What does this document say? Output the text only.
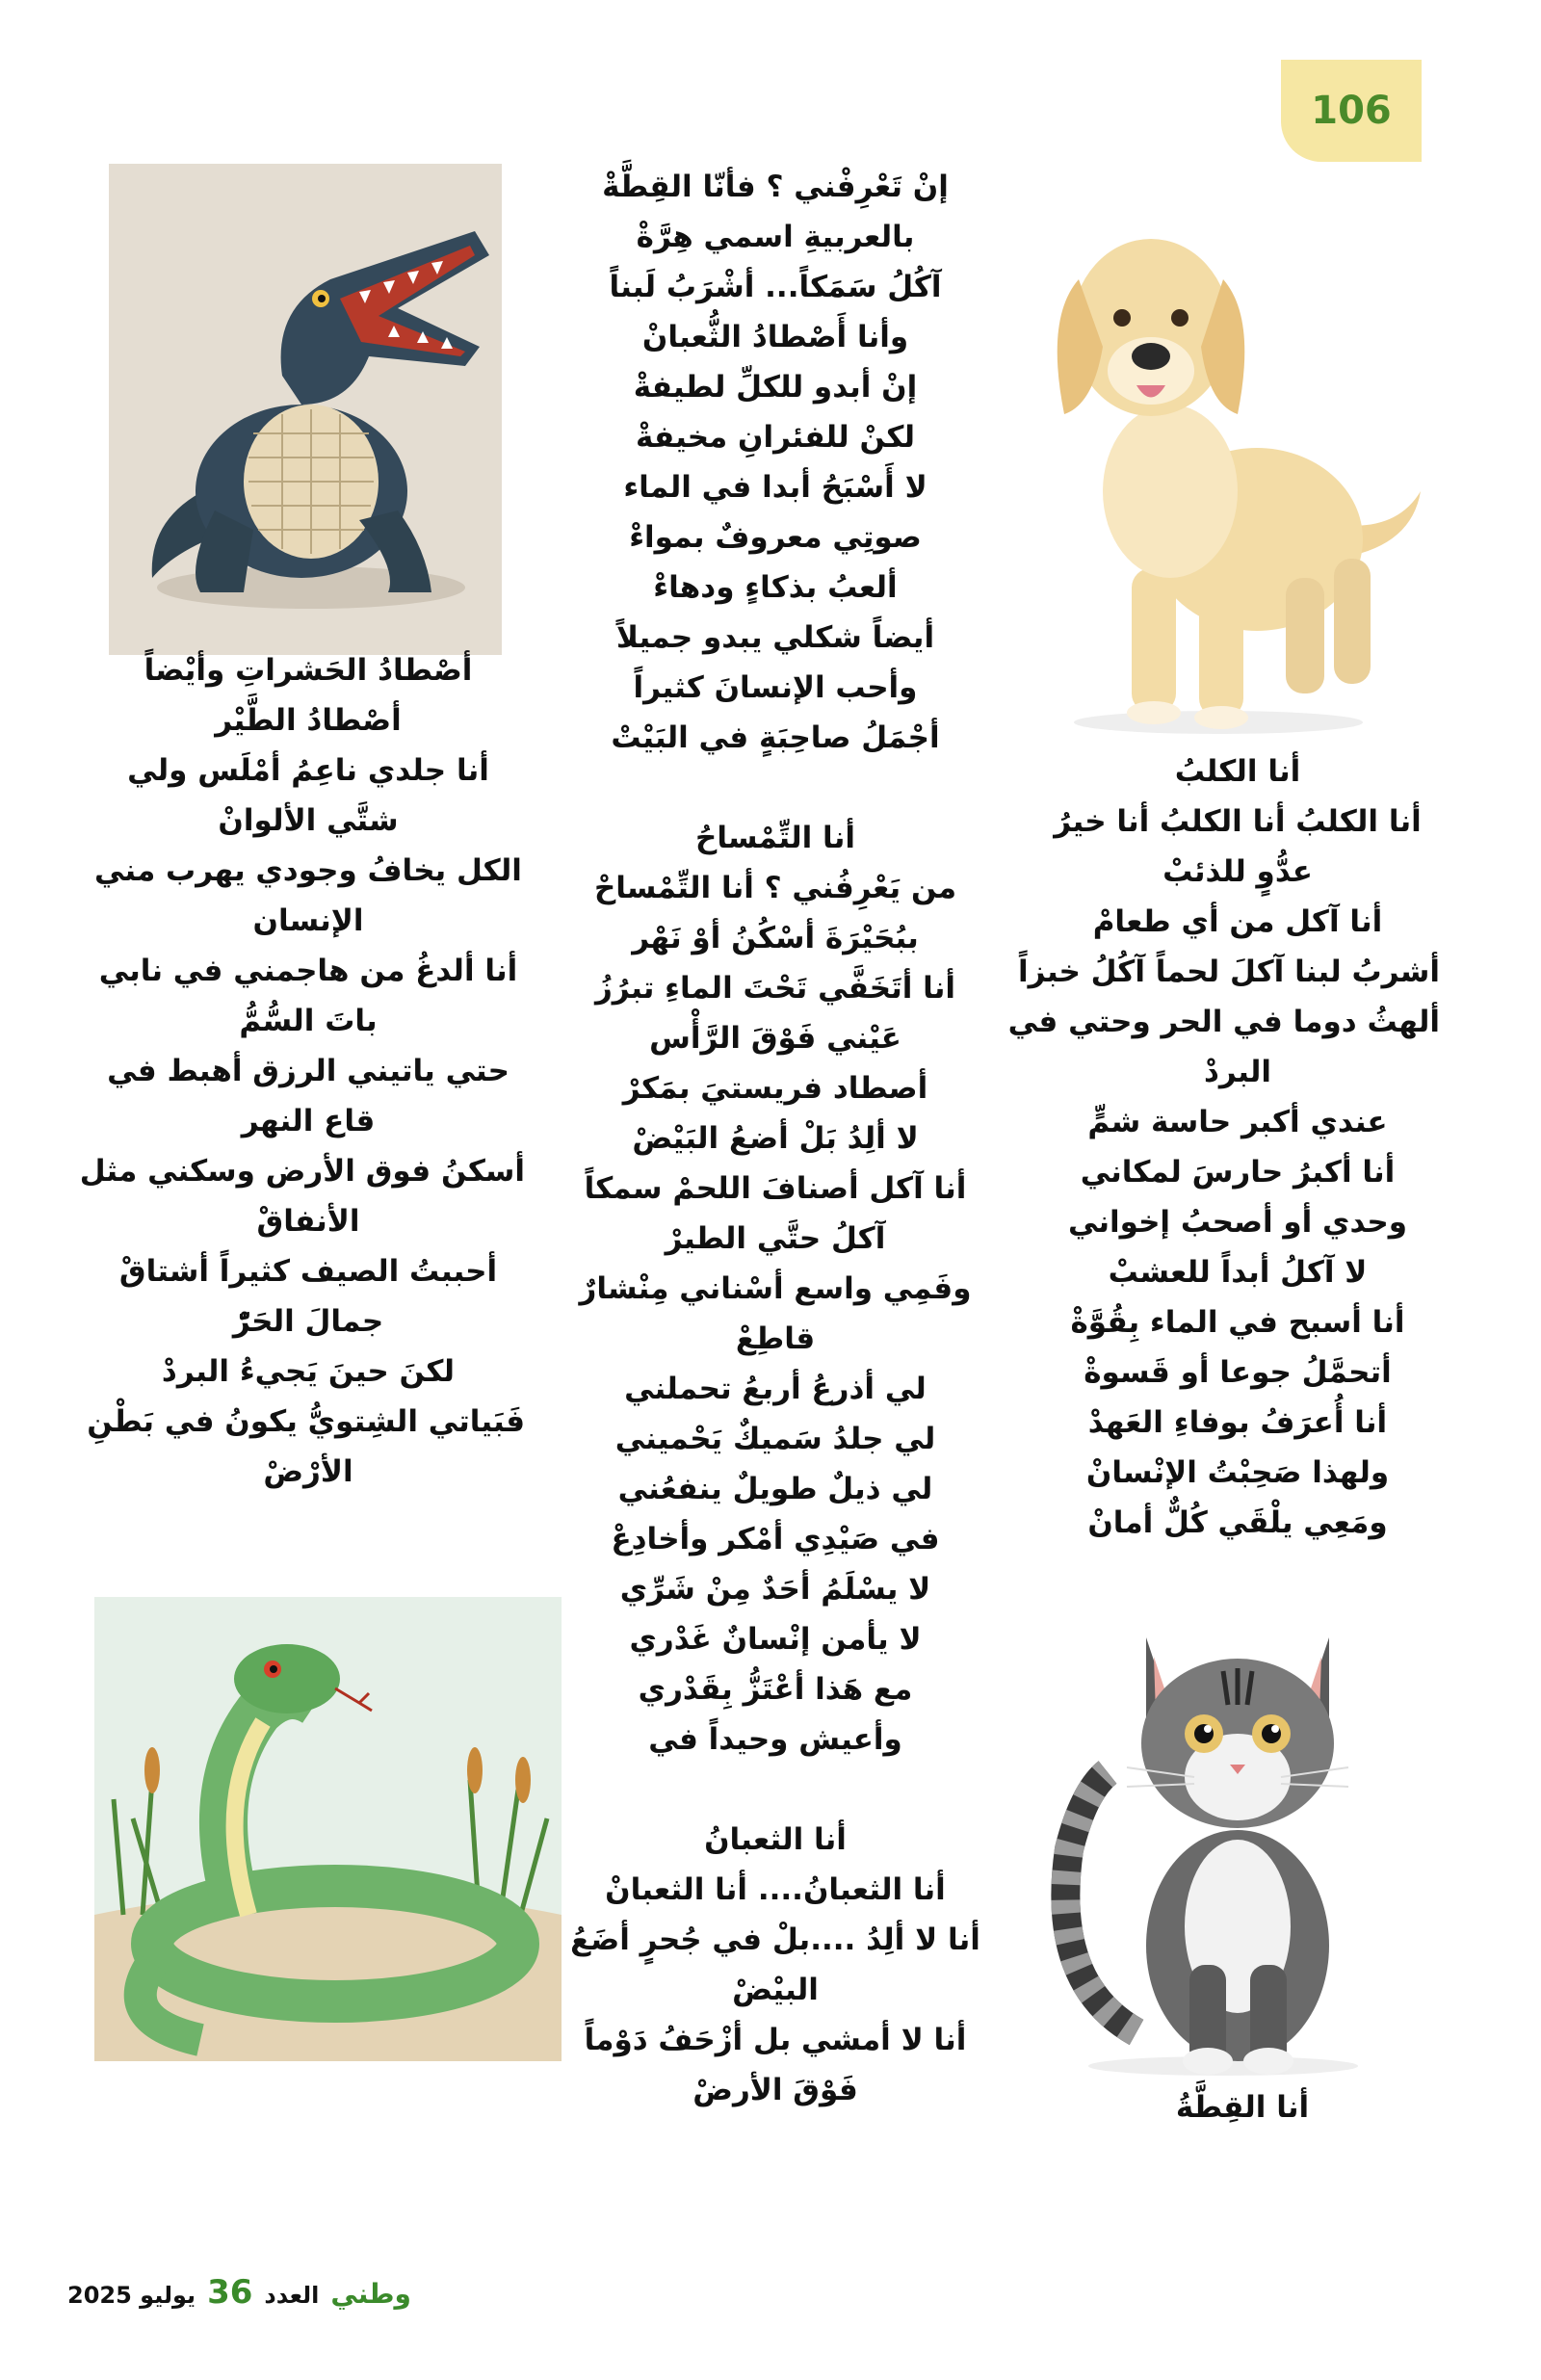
106
أنا الكلبُ
أنا الكلبُ أنا الكلبُ أنا خيرُ
عدُّوٍ للذئبْ
أنا آكل من أي طعامْ
أشربُ لبنا آكلَ لحماً آكُلُ خبزاً
ألهثُ دوما في الحر وحتي في
البردْ
عندي أكبر حاسة شمٍّ
أنا أكبرُ حارسَ لمكاني
وحدي أو أصحبُ إخواني
لا آكلُ أبداً للعشبْ
أنا أسبح في الماء بِقُوَّةْ
أتحمَّلُ جوعا أو قَسوةْ
أنا أُعرَفُ بوفاءِ العَهدْ
ولهذا صَحِبْتُ الإنْسانْ
ومَعِي يلْقَي كُلٌّ أمانْ
أنا القِطَّةُ
إنْ تَعْرِفْني ؟ فأنّا القِطَّةْ
بالعربيةِ اسمي هِرَّةْ
آكُلُ سَمَكاً... أشْرَبُ لَبناً
وأنا أَصْطادُ الثُّعبانْ
إنْ أبدو للكلِّ لطيفةْ
لكنْ للفئرانِ مخيفةْ
لا أَسْبَحُ أبدا في الماء
صوتِي معروفٌ بمواءْ
ألعبُ بذكاءٍ ودهاءْ
أيضاً شكلي يبدو جميلاً
وأحب الإنسانَ كثيراً
أجْمَلُ صاحِبَةٍ في البَيْتْ
أنا التِّمْساحُ
من يَعْرِفُني ؟ أنا التِّمْساحْ
ببُحَيْرَةَ أسْكُنُ أوْ نَهْر
أنا أتَخَفَّي تَحْتَ الماءِ تبرُزُ
عَيْني فَوْقَ الرَّأْس
أصطاد فريستيَ بمَكرْ
لا ألِدُ بَلْ أضعُ البَيْضْ
أنا آكل أصنافَ اللحمْ سمكاً
آكلُ حتَّي الطيرْ
وفَمِي واسع أسْناني مِنْشارٌ
قاطِعْ
لي أذرعُ أربعُ تحملني
لي جلدُ سَميكٌ يَحْميني
لي ذيلٌ طويلٌ ينفعُني
في صَيْدِي أمْكر وأخادِعْ
لا يسْلَمُ أحَدٌ مِنْ شَرِّي
لا يأمن إنْسانٌ غَدْري
مع هَذا أعْتَزُّ بِقَدْري
وأعيش وحيداً في
أنا الثعبانُ
أنا الثعبانُ.... أنا الثعبانْ
أنا لا ألِدُ ....بلْ في جُحرٍ أضَعُ
البيْضْ
أنا لا أمشي بل أزْحَفُ دَوْماً
فَوْقَ الأرضْ
أصْطادُ الحَشراتِ وأيْضاً
أصْطادُ الطَّيْر
أنا جلدي ناعِمُ أمْلَس ولي
شتَّي الألوانْ
الكل يخافُ وجودي يهرب مني
الإنسان
أنا ألدغُ من هاجمني في نابي
باتَ السُّمُّ
حتي ياتيني الرزق أهبط في
قاع النهر
أسكنُ فوق الأرض وسكني مثل
الأنفاقْ
أحببتُ الصيف كثيراً أشتاقْ
جمالَ الحَرّْ
لكنَ حينَ يَجيءُ البردْ
فَبَياتي الشِتويُّ يكونُ في بَطْنِ
الأرْضْ
وطني
العدد
36
يوليو 2025
